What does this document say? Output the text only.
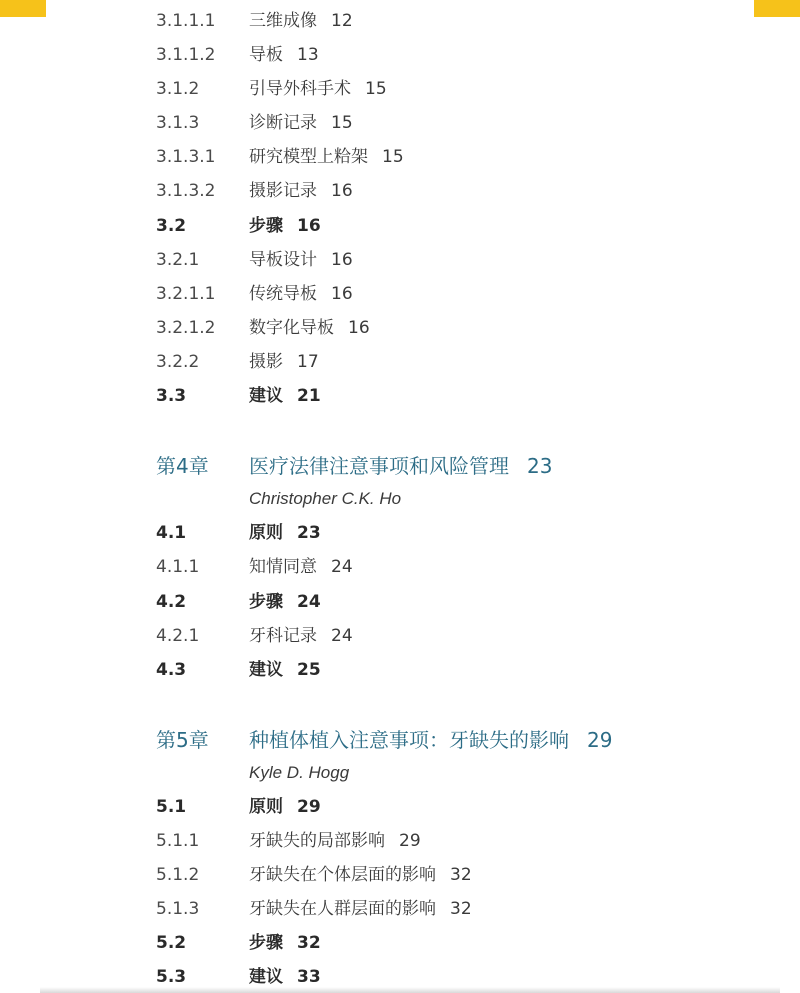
3.1.1.1 三维成像 12
3.1.1.2 导板 13
3.1.2	引导外科手术 15
3.1.3	诊断记录 15
3.1.3.1 研究模型上粭架 15
3.1.3.2 摄影记录 16
3.2	步骤 16
3.2.1	导板设计 16
3.2.1.1 传统导板 16
3.2.1.2 数字化导板 16
3.2.2	摄影 17
3.3	建议 21
第4章 医疗法律注意事项和风险管理 23
Christopher C.K. Ho
4.1	原则 23
4.1.1	知情同意 24
4.2	步骤 24
4.2.1	牙科记录 24
4.3	建议 25
第5章 种植体植入注意事项：牙缺失的影响 29
Kyle D. Hogg
5.1	原则 29
5.1.1	牙缺失的局部影响 29
5.1.2	牙缺失在个体层面的影响 32
5.1.3	牙缺失在人群层面的影响 32
5.2	步骤 32
5.3	建议 33
